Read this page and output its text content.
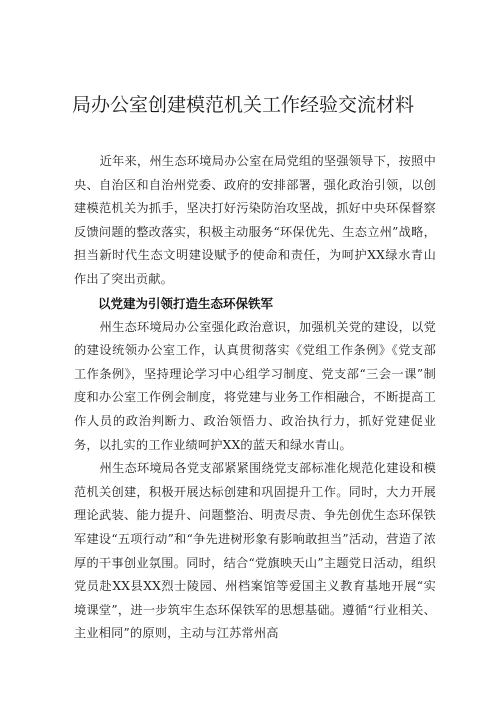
局办公室创建模范机关工作经验交流材料

近年来，州生态环境局办公室在局党组的坚强领导下，按照中央、自治区和自治州党委、政府的安排部署，强化政治引领，以创建模范机关为抓手，坚决打好污染防治攻坚战，抓好中央环保督察反馈问题的整改落实，积极主动服务“环保优先、生态立州”战略，担当新时代生态文明建设赋予的使命和责任，为呵护XX绿水青山作出了突出贡献。

以党建为引领打造生态环保铁军

州生态环境局办公室强化政治意识，加强机关党的建设，以党的建设统领办公室工作，认真贯彻落实《党组工作条例》《党支部工作条例》，坚持理论学习中心组学习制度、党支部“三会一课”制度和办公室工作例会制度，将党建与业务工作相融合，不断提高工作人员的政治判断力、政治领悟力、政治执行力，抓好党建促业务，以扎实的工作业绩呵护XX的蓝天和绿水青山。

州生态环境局各党支部紧紧围绕党支部标准化规范化建设和模范机关创建，积极开展达标创建和巩固提升工作。同时，大力开展理论武装、能力提升、问题整治、明责尽责、争先创优生态环保铁军建设“五项行动”和“争先进树形象有影响敢担当”活动，营造了浓厚的干事创业氛围。同时，结合“党旗映天山”主题党日活动，组织党员赴XX县XX烈士陵园、州档案馆等爱国主义教育基地开展“实境课堂”，进一步筑牢生态环保铁军的思想基础。遵循“行业相关、主业相同”的原则，主动与江苏常州高
